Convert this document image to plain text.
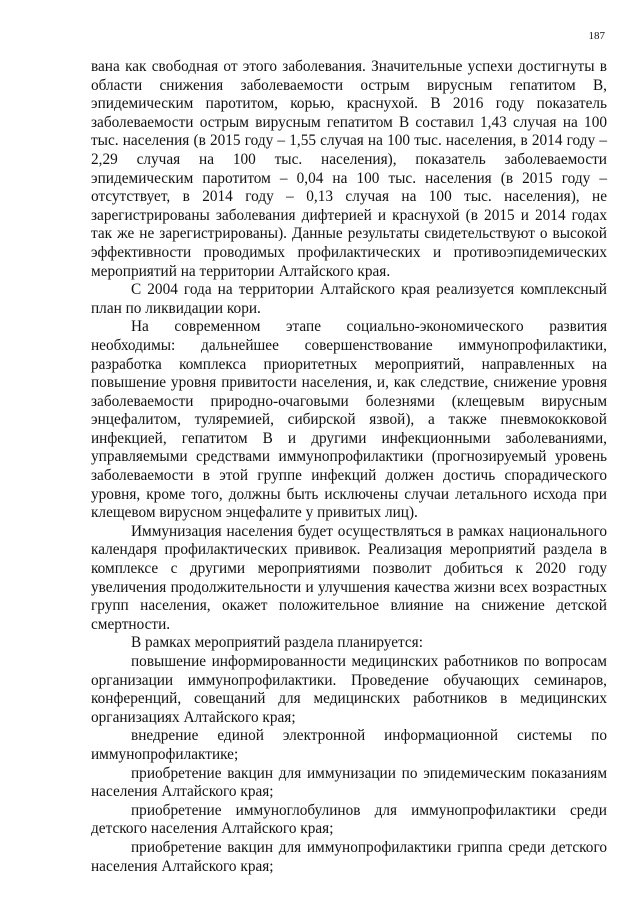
187

вана как свободная от этого заболевания. Значительные успехи достигнуты в области снижения заболеваемости острым вирусным гепатитом В, эпидемическим паротитом, корью, краснухой. В 2016 году показатель заболеваемости острым вирусным гепатитом В составил 1,43 случая на 100 тыс. населения (в 2015 году – 1,55 случая на 100 тыс. населения, в 2014 году – 2,29 случая на 100 тыс. населения), показатель заболеваемости эпидемическим паротитом – 0,04 на 100 тыс. населения (в 2015 году – отсутствует, в 2014 году – 0,13 случая на 100 тыс. населения), не зарегистрированы заболевания дифтерией и краснухой (в 2015 и 2014 годах так же не зарегистрированы). Данные результаты свидетельствуют о высокой эффективности проводимых профилактических и противоэпидемических мероприятий на территории Алтайского края.

С 2004 года на территории Алтайского края реализуется комплексный план по ликвидации кори.

На современном этапе социально-экономического развития необходимы: дальнейшее совершенствование иммунопрофилактики, разработка комплекса приоритетных мероприятий, направленных на повышение уровня привитости населения, и, как следствие, снижение уровня заболеваемости природно-очаговыми болезнями (клещевым вирусным энцефалитом, туляремией, сибирской язвой), а также пневмококковой инфекцией, гепатитом В и другими инфекционными заболеваниями, управляемыми средствами иммунопрофилактики (прогнозируемый уровень заболеваемости в этой группе инфекций должен достичь спорадического уровня, кроме того, должны быть исключены случаи летального исхода при клещевом вирусном энцефалите у привитых лиц).

Иммунизация населения будет осуществляться в рамках национального календаря профилактических прививок. Реализация мероприятий раздела в комплексе с другими мероприятиями позволит добиться к 2020 году увеличения продолжительности и улучшения качества жизни всех возрастных групп населения, окажет положительное влияние на снижение детской смертности.

В рамках мероприятий раздела планируется:

повышение информированности медицинских работников по вопросам организации иммунопрофилактики. Проведение обучающих семинаров, конференций, совещаний для медицинских работников в медицинских организациях Алтайского края;

внедрение единой электронной информационной системы по иммунопрофилактике;

приобретение вакцин для иммунизации по эпидемическим показаниям населения Алтайского края;

приобретение иммуноглобулинов для иммунопрофилактики среди детского населения Алтайского края;

приобретение вакцин для иммунопрофилактики гриппа среди детского населения Алтайского края;
